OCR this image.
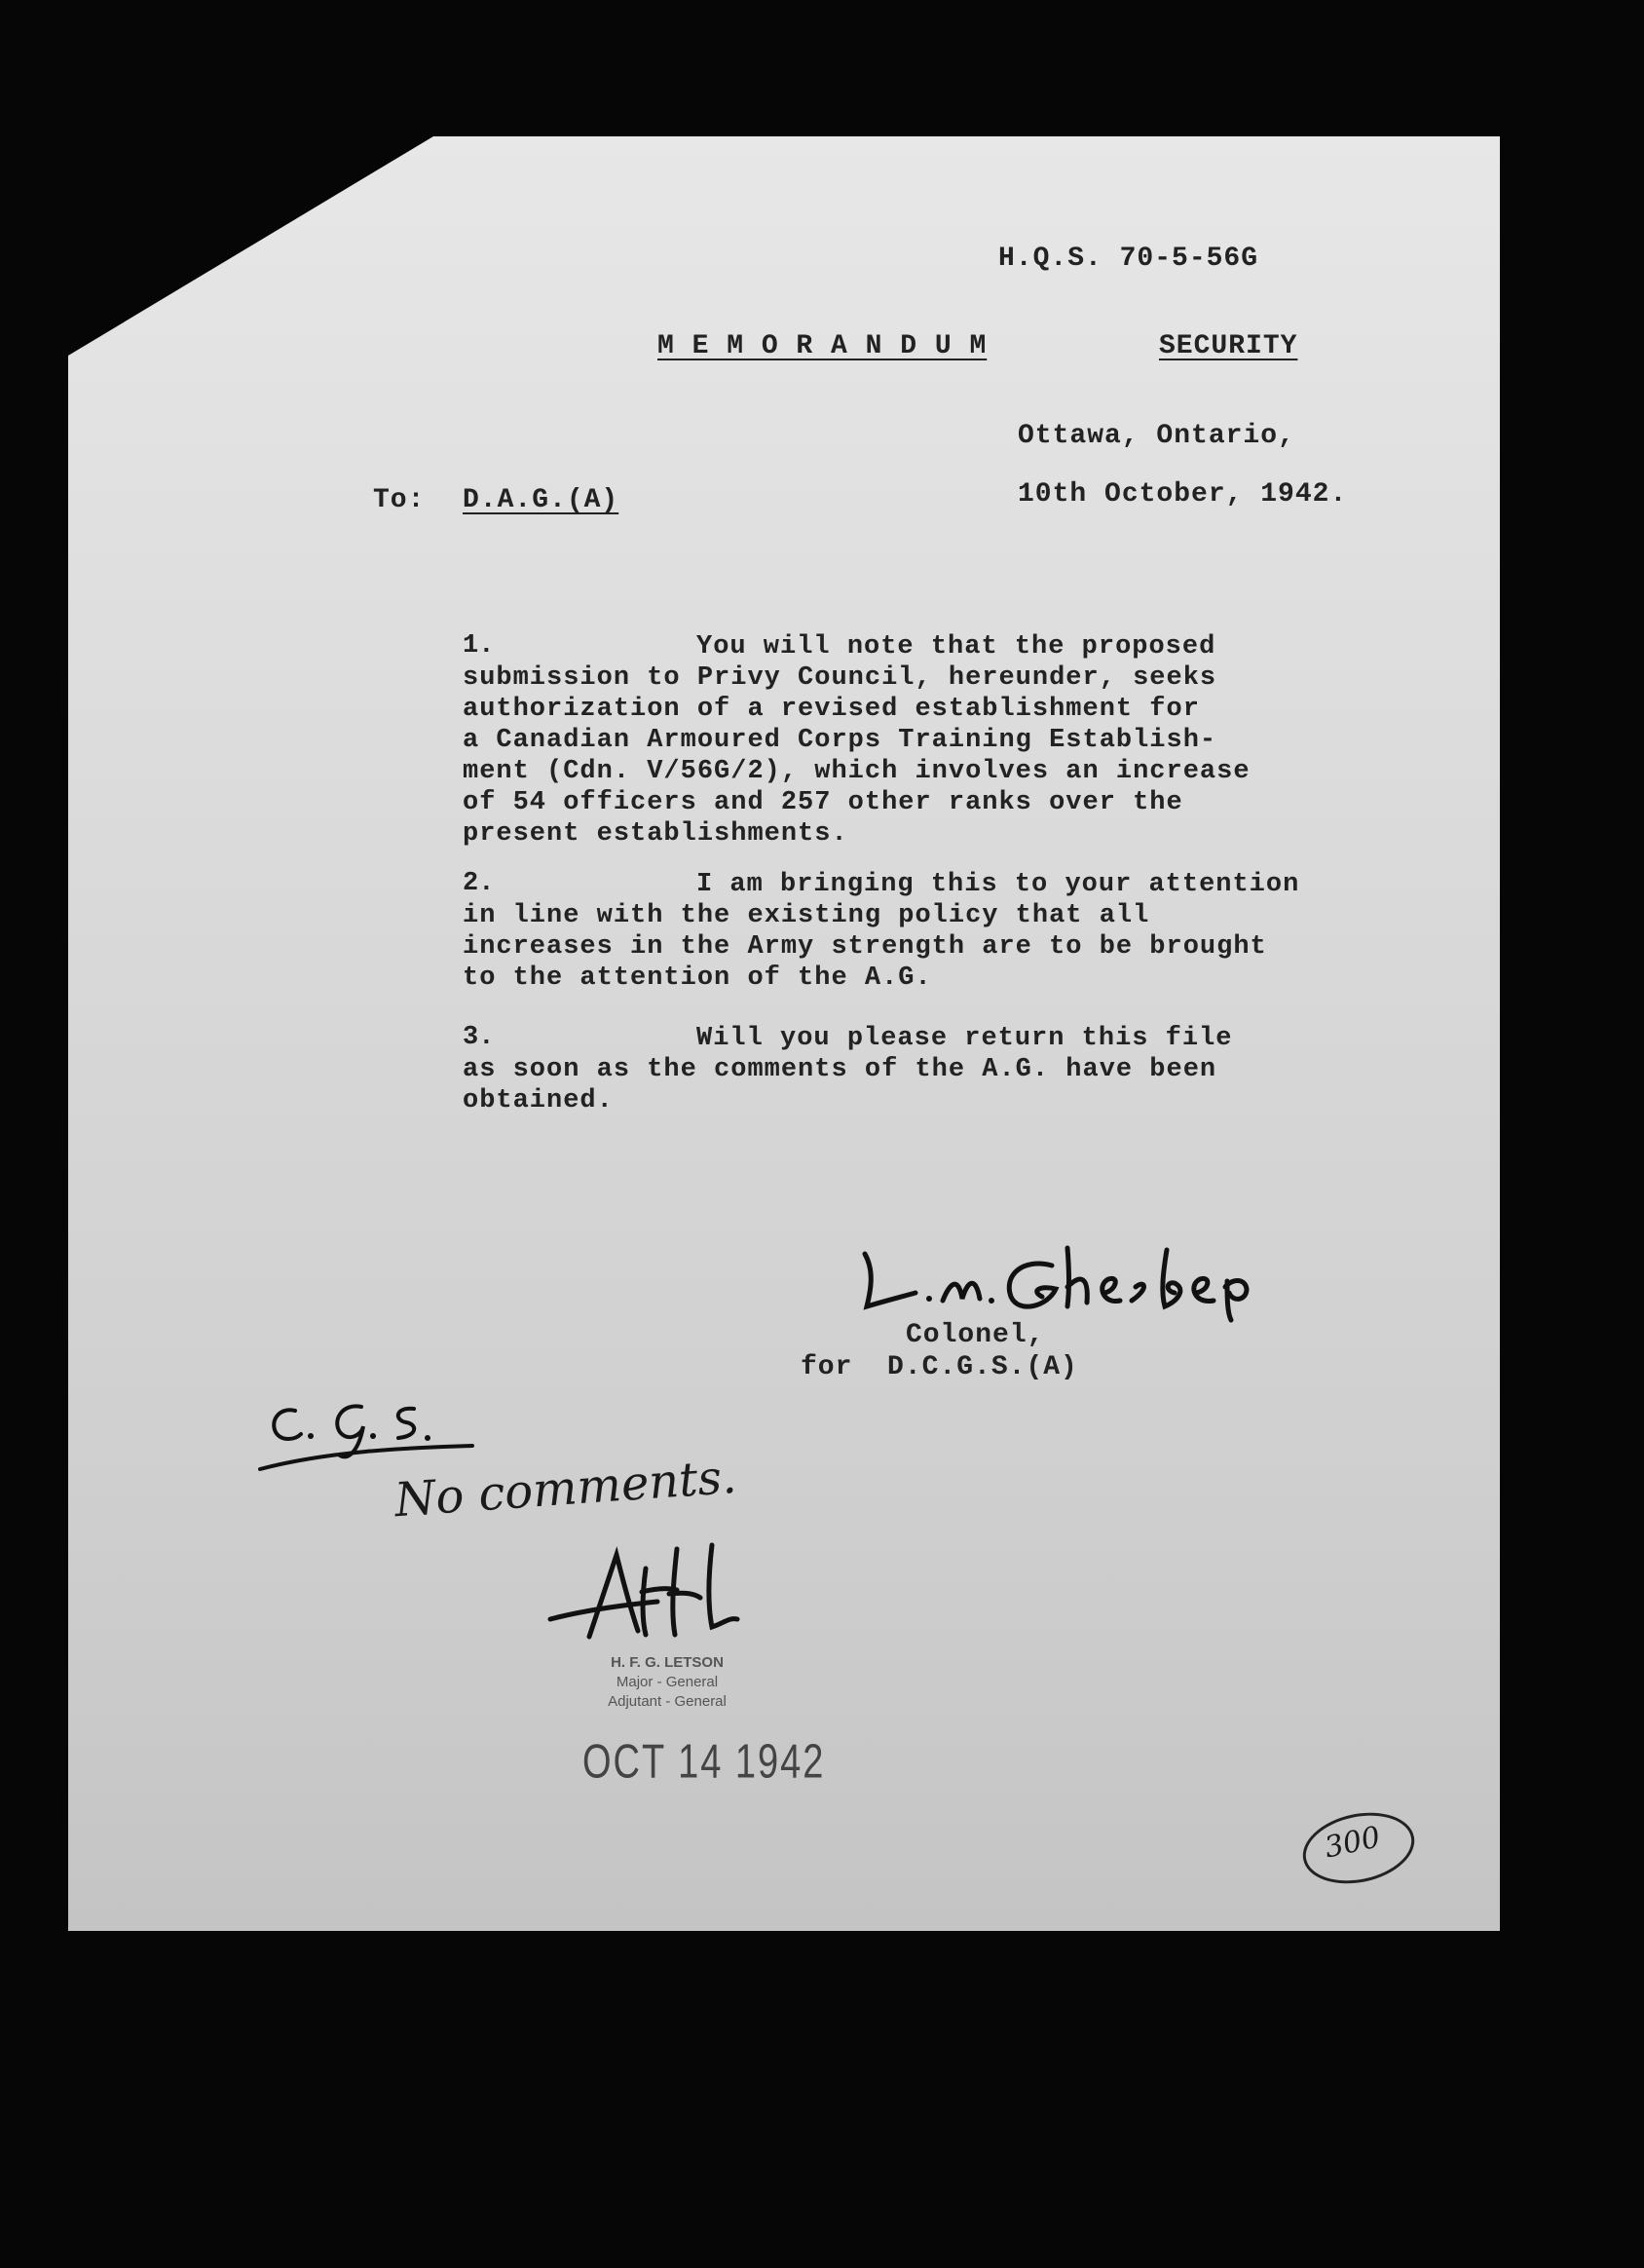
H.Q.S. 70-5-56G
M E M O R A N D U M	SECURITY
Ottawa, Ontario,
10th October, 1942.
To: D.A.G.(A)
1.	You will note that the proposed
submission to Privy Council, hereunder, seeks
authorization of a revised establishment for
a Canadian Armoured Corps Training Establish-
ment (Cdn. V/56G/2), which involves an increase
of 54 officers and 257 other ranks over the
present establishments.
2.	I am bringing this to your attention
in line with the existing policy that all
increases in the Army strength are to be brought
to the attention of the A.G.
3.	Will you please return this file
as soon as the comments of the A.G. have been
obtained.
Colonel,
for  D.C.G.S.(A)
No comments.
H. F. G. LETSON
Major - General
Adjutant - General
OCT 14 1942
300
